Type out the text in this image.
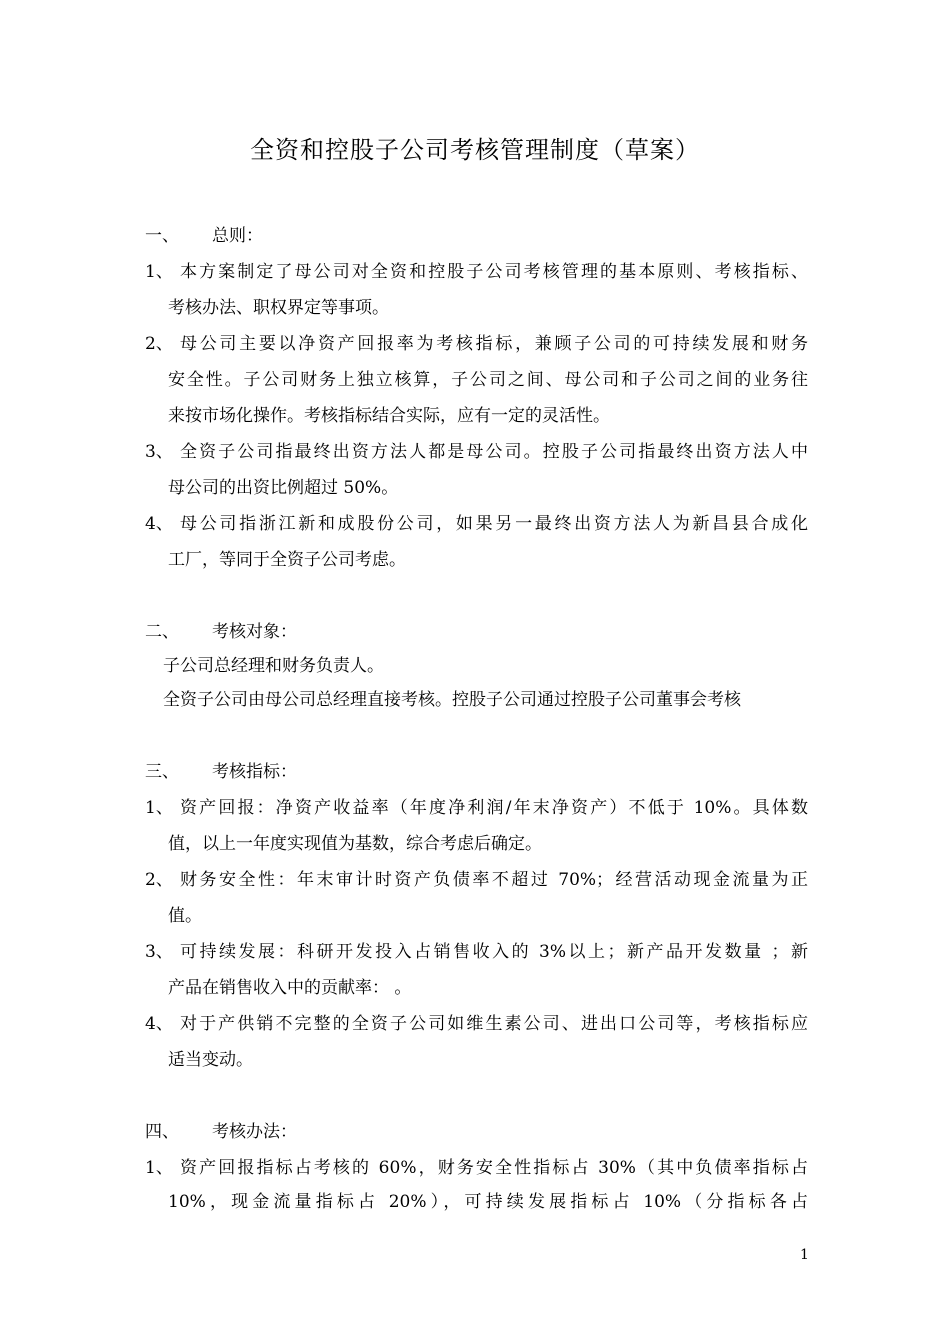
全资和控股子公司考核管理制度（草案）
一、 总则：
1、 本方案制定了母公司对全资和控股子公司考核管理的基本原则、考核指标、
考核办法、职权界定等事项。
2、 母公司主要以净资产回报率为考核指标，兼顾子公司的可持续发展和财务
安全性。子公司财务上独立核算，子公司之间、母公司和子公司之间的业务往
来按市场化操作。考核指标结合实际，应有一定的灵活性。
3、 全资子公司指最终出资方法人都是母公司。控股子公司指最终出资方法人中
母公司的出资比例超过 50%。
4、 母公司指浙江新和成股份公司，如果另一最终出资方法人为新昌县合成化
工厂，等同于全资子公司考虑。
二、 考核对象：
子公司总经理和财务负责人。
全资子公司由母公司总经理直接考核。控股子公司通过控股子公司董事会考核
三、 考核指标：
1、 资产回报：净资产收益率（年度净利润/年末净资产）不低于 10%。具体数
值，以上一年度实现值为基数，综合考虑后确定。
2、 财务安全性：年末审计时资产负债率不超过 70%；经营活动现金流量为正
值。
3、 可持续发展：科研开发投入占销售收入的 3%以上；新产品开发数量 ；新
产品在销售收入中的贡献率： 。
4、 对于产供销不完整的全资子公司如维生素公司、进出口公司等，考核指标应
适当变动。
四、 考核办法：
1、 资产回报指标占考核的 60%，财务安全性指标占 30%（其中负债率指标占
10%，现金流量指标占 20%），可持续发展指标占 10%（分指标各占
1
